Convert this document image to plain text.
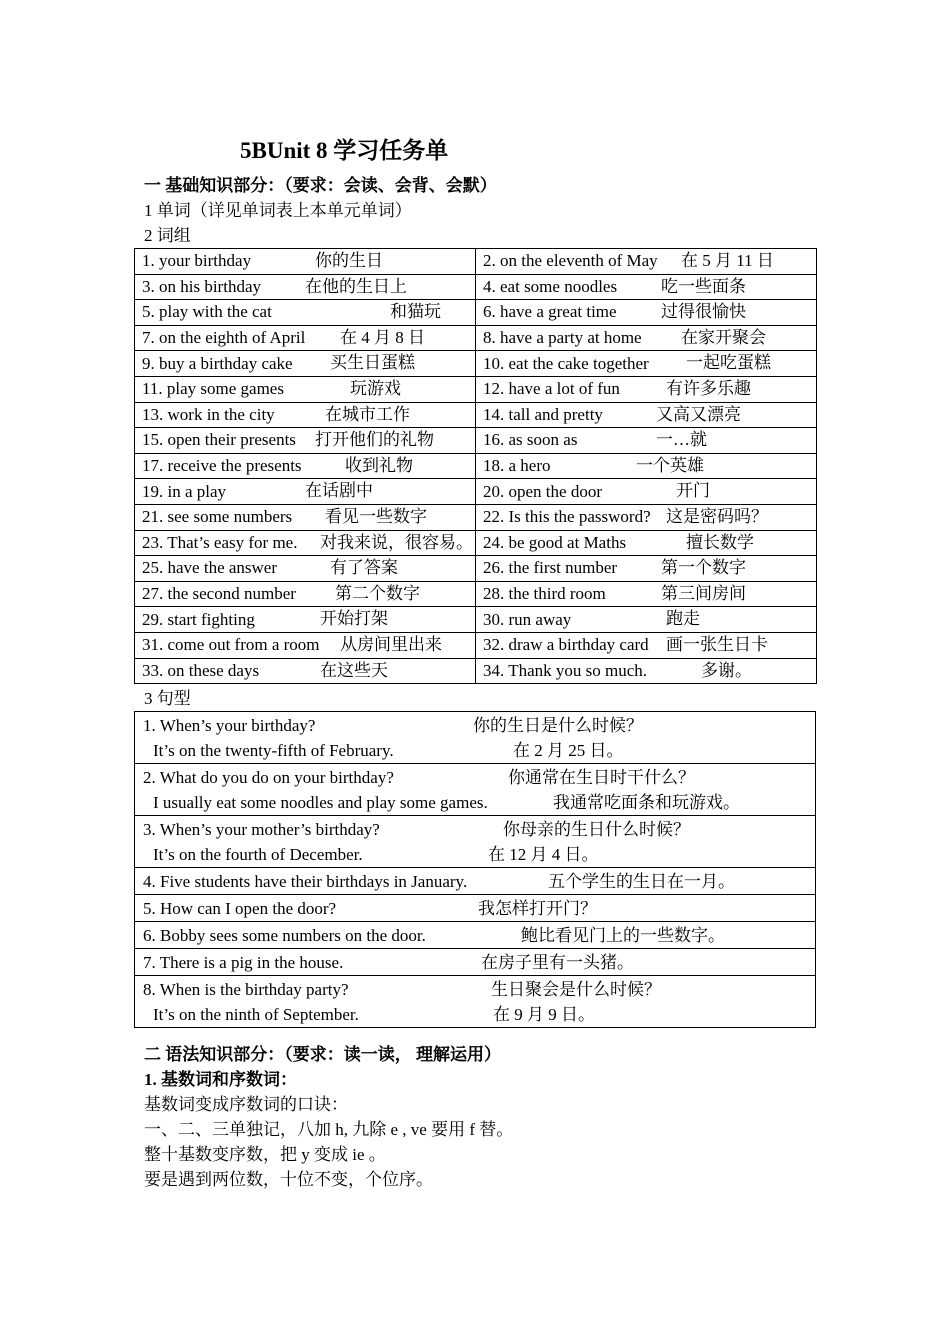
5BUnit 8 学习任务单
一 基础知识部分：（要求：会读、会背、会默）
1 单词（详见单词表上本单元单词）
2 词组
1. your birthday 你的生日	2. on the eleventh of May 在 5 月 11 日

3. on his birthday 在他的生日上	4. eat some noodles 吃一些面条

5. play with the cat 和猫玩	6. have a great time 过得很愉快

7. on the eighth of April 在 4 月 8 日	8. have a party at home 在家开聚会

9. buy a birthday cake 买生日蛋糕	10. eat the cake together 一起吃蛋糕

11. play some games 玩游戏	12. have a lot of fun 有许多乐趣

13. work in the city 在城市工作	14. tall and pretty 又高又漂亮

15. open their presents 打开他们的礼物	16. as soon as 一…就

17. receive the presents 收到礼物	18. a hero 一个英雄

19. in a play 在话剧中	20. open the door 开门

21. see some numbers 看见一些数字	22. Is this the password? 这是密码吗？

23. That’s easy for me. 对我来说，很容易。	24. be good at Maths 擅长数学

25. have the answer 有了答案	26. the first number 第一个数字

27. the second number 第二个数字	28. the third room 第三间房间

29. start fighting 开始打架	30. run away 跑走

31. come out from a room 从房间里出来	32. draw a birthday card 画一张生日卡

33. on these days 在这些天	34. Thank you so much. 多谢。
3 句型
1. When’s your birthday?	你的生日是什么时候？
It’s on the twenty-fifth of February.	在 2 月 25 日。

2. What do you do on your birthday?	你通常在生日时干什么？
I usually eat some noodles and play some games.	我通常吃面条和玩游戏。

3. When’s your mother’s birthday?	你母亲的生日什么时候？
It’s on the fourth of December.	在 12 月 4 日。

4. Five students have their birthdays in January.	五个学生的生日在一月。

5. How can I open the door?	我怎样打开门？

6. Bobby sees some numbers on the door.	鲍比看见门上的一些数字。

7. There is a pig in the house.	在房子里有一头猪。

8. When is the birthday party?	生日聚会是什么时候？
It’s on the ninth of September.	在 9 月 9 日。
二 语法知识部分：（要求：读一读， 理解运用）
1. 基数词和序数词：
基数词变成序数词的口诀：
一、二、三单独记，八加 h, 九除 e , ve 要用 f 替。
整十基数变序数，把 y 变成 ie 。
要是遇到两位数，十位不变，个位序。
